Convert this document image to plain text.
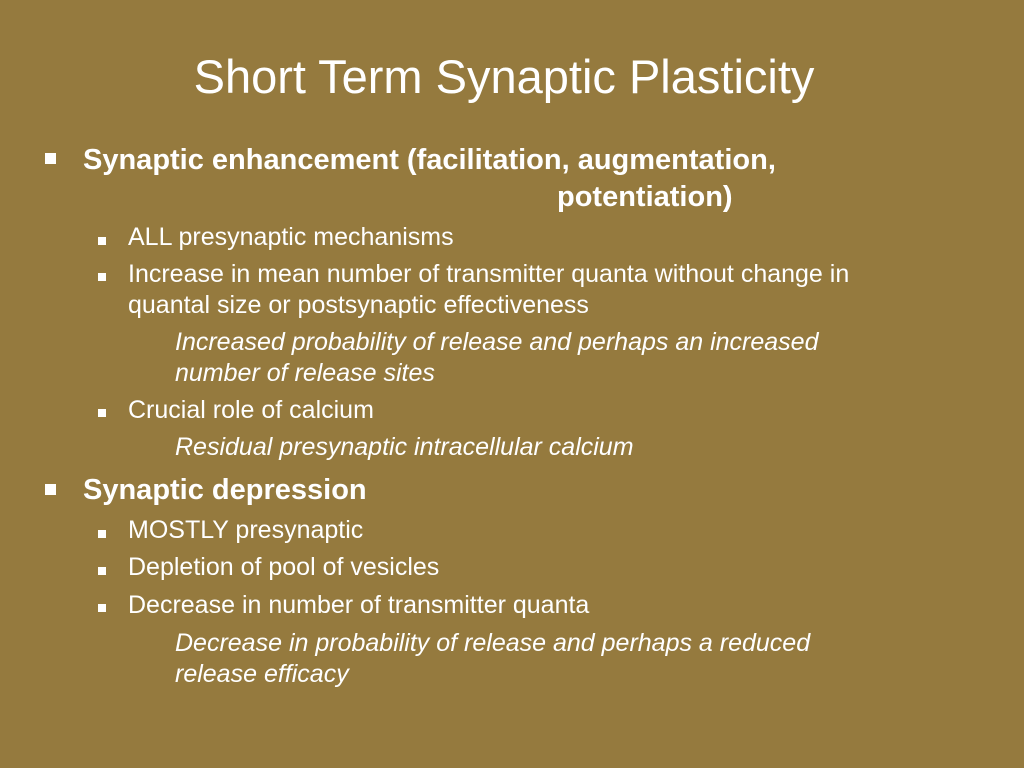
Short Term Synaptic Plasticity
Synaptic enhancement (facilitation, augmentation,
potentiation)
ALL presynaptic mechanisms
Increase in mean number of transmitter quanta without change in
quantal size or postsynaptic effectiveness
Increased probability of release and perhaps an increased
number of release sites
Crucial role of calcium
Residual presynaptic intracellular calcium
Synaptic depression
MOSTLY presynaptic
Depletion of pool of vesicles
Decrease in number of transmitter quanta
Decrease in probability of release and perhaps a reduced
release efficacy
